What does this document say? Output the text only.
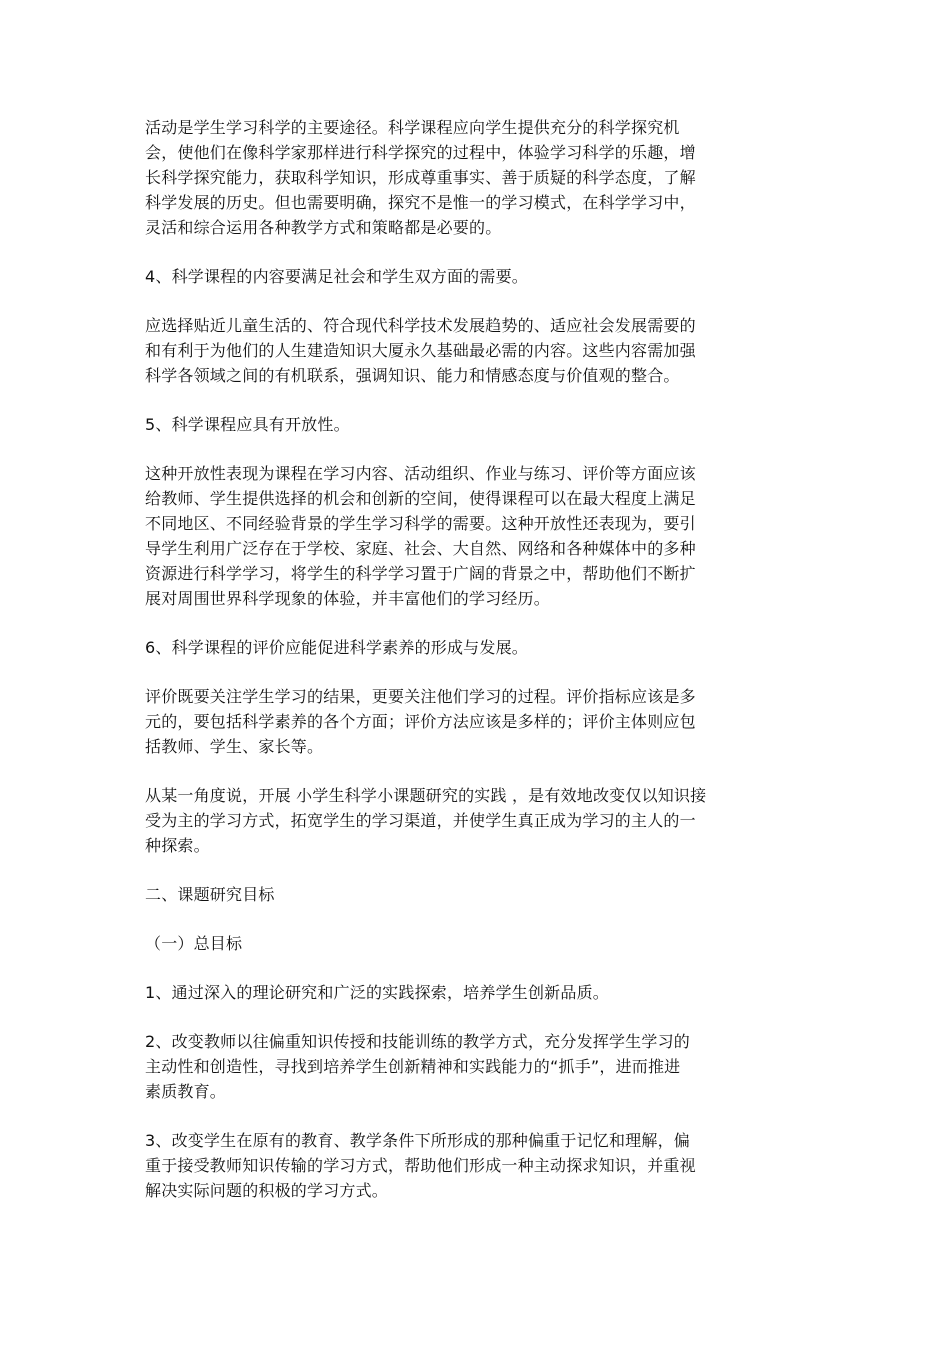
活动是学生学习科学的主要途径。科学课程应向学生提供充分的科学探究机
会，使他们在像科学家那样进行科学探究的过程中，体验学习科学的乐趣，增
长科学探究能力，获取科学知识，形成尊重事实、善于质疑的科学态度，了解
科学发展的历史。但也需要明确，探究不是惟一的学习模式，在科学学习中，
灵活和综合运用各种教学方式和策略都是必要的。

4、科学课程的内容要满足社会和学生双方面的需要。

应选择贴近儿童生活的、符合现代科学技术发展趋势的、适应社会发展需要的
和有利于为他们的人生建造知识大厦永久基础最必需的内容。这些内容需加强
科学各领域之间的有机联系，强调知识、能力和情感态度与价值观的整合。

5、科学课程应具有开放性。

这种开放性表现为课程在学习内容、活动组织、作业与练习、评价等方面应该
给教师、学生提供选择的机会和创新的空间，使得课程可以在最大程度上满足
不同地区、不同经验背景的学生学习科学的需要。这种开放性还表现为，要引
导学生利用广泛存在于学校、家庭、社会、大自然、网络和各种媒体中的多种
资源进行科学学习，将学生的科学学习置于广阔的背景之中，帮助他们不断扩
展对周围世界科学现象的体验，并丰富他们的学习经历。

6、科学课程的评价应能促进科学素养的形成与发展。

评价既要关注学生学习的结果，更要关注他们学习的过程。评价指标应该是多
元的，要包括科学素养的各个方面；评价方法应该是多样的；评价主体则应包
括教师、学生、家长等。

从某一角度说，开展 小学生科学小课题研究的实践 ，是有效地改变仅以知识接
受为主的学习方式，拓宽学生的学习渠道，并使学生真正成为学习的主人的一
种探索。

二、课题研究目标

（一）总目标

1、通过深入的理论研究和广泛的实践探索，培养学生创新品质。

2、改变教师以往偏重知识传授和技能训练的教学方式，充分发挥学生学习的
主动性和创造性，寻找到培养学生创新精神和实践能力的“抓手”，进而推进
素质教育。

3、改变学生在原有的教育、教学条件下所形成的那种偏重于记忆和理解，偏
重于接受教师知识传输的学习方式，帮助他们形成一种主动探求知识，并重视
解决实际问题的积极的学习方式。
